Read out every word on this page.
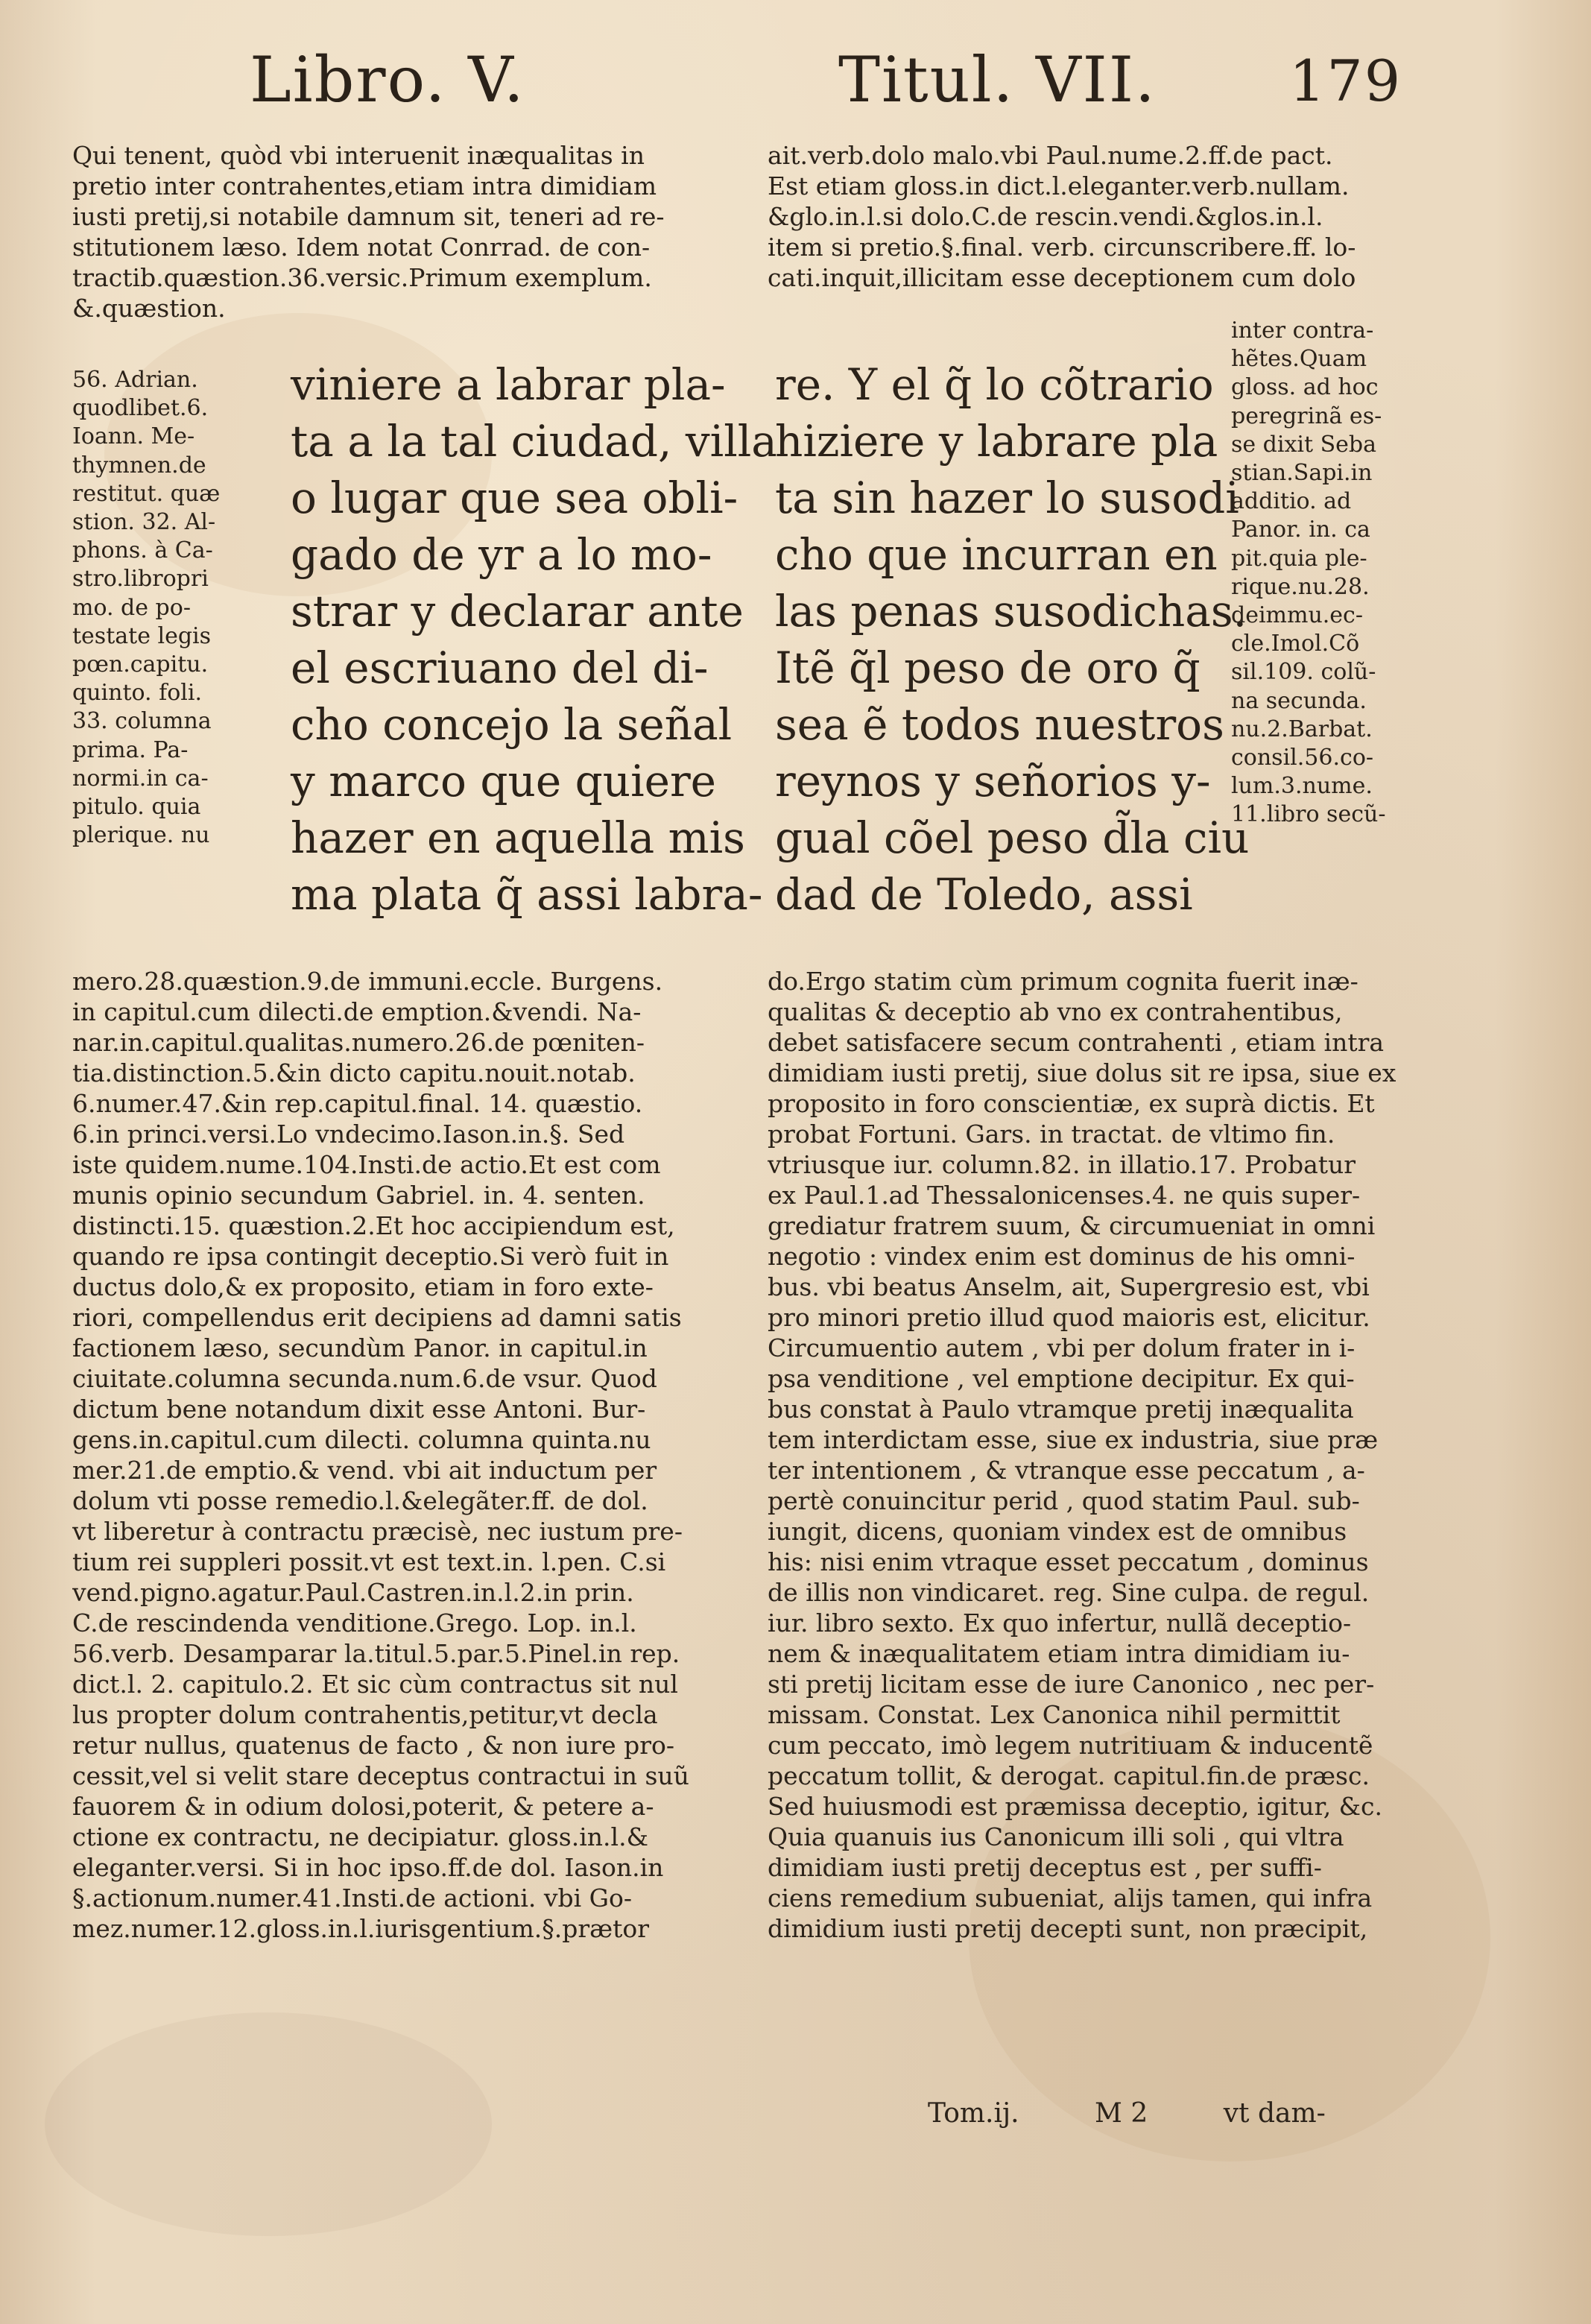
Libro. V.	Titul. VII. 179

Qui tenent, quòd vbi interuenit inæqualitas in

pretio inter contrahentes,etiam intra dimidiam

iusti pretij,si notabile damnum sit, teneri ad re-

stitutionem læso. Idem notat Conrrad. de con-

tractib.quæstion.36.versic.Primum exemplum.

&.quæstion.

ait.verb.dolo malo.vbi Paul.nume.2.ff.de pact.

Est etiam gloss.in dict.l.eleganter.verb.nullam.

&glo.in.l.si dolo.C.de rescin.vendi.&glos.in.l.

item si pretio.§.final. verb. circunscribere.ff. lo-

cati.inquit,illicitam esse deceptionem cum dolo

56. Adrian.

quodlibet.6.

Ioann. Me-

thymnen.de

restitut. quæ

stion. 32. Al-

phons. à Ca-

stro.libropri

mo. de po-

testate legis

pœn.capitu.

quinto. foli.

33. columna

prima. Pa-

normi.in ca-

pitulo. quia

plerique. nu

inter contra-

hẽtes.Quam

gloss. ad hoc

peregrinã es-

se dixit Seba

stian.Sapi.in

additio. ad

Panor. in. ca

pit.quia ple-

rique.nu.28.

deimmu.ec-

cle.Imol.Cõ

sil.109. colũ-

na secunda.

nu.2.Barbat.

consil.56.co-

lum.3.nume.

11.libro secũ-

viniere a labrar pla-

ta a la tal ciudad, villa

o lugar que sea obli-

gado de yr a lo mo-

strar y declarar ante

el escriuano del di-

cho concejo la señal

y marco que quiere

hazer en aquella mis

ma plata q̃ assi labra-

re. Y el q̃ lo cõtrario

hiziere y labrare pla

ta sin hazer lo susodi

cho que incurran en

las penas susodichas.

Itẽ q̃l peso de oro q̃

sea ẽ todos nuestros

reynos y señorios y-

gual cõel peso d̃la ciu

dad de Toledo, assi

mero.28.quæstion.9.de immuni.eccle. Burgens.

in capitul.cum dilecti.de emption.&vendi. Na-

nar.in.capitul.qualitas.numero.26.de pœniten-

tia.distinction.5.&in dicto capitu.nouit.notab.

6.numer.47.&in rep.capitul.final. 14. quæstio.

6.in princi.versi.Lo vndecimo.Iason.in.§. Sed

iste quidem.nume.104.Insti.de actio.Et est com

munis opinio secundum Gabriel. in. 4. senten.

distincti.15. quæstion.2.Et hoc accipiendum est,

quando re ipsa contingit deceptio.Si verò fuit in

ductus dolo,& ex proposito, etiam in foro exte-

riori, compellendus erit decipiens ad damni satis

factionem læso, secundùm Panor. in capitul.in

ciuitate.columna secunda.num.6.de vsur. Quod

dictum bene notandum dixit esse Antoni. Bur-

gens.in.capitul.cum dilecti. columna quinta.nu

mer.21.de emptio.& vend. vbi ait inductum per

dolum vti posse remedio.l.&elegãter.ff. de dol.

vt liberetur à contractu præcisè, nec iustum pre-

tium rei suppleri possit.vt est text.in. l.pen. C.si

vend.pigno.agatur.Paul.Castren.in.l.2.in prin.

C.de rescindenda venditione.Grego. Lop. in.l.

56.verb. Desamparar la.titul.5.par.5.Pinel.in rep.

dict.l. 2. capitulo.2. Et sic cùm contractus sit nul

lus propter dolum contrahentis,petitur,vt decla

retur nullus, quatenus de facto , & non iure pro-

cessit,vel si velit stare deceptus contractui in suũ

fauorem & in odium dolosi,poterit, & petere a-

ctione ex contractu, ne decipiatur. gloss.in.l.&

eleganter.versi. Si in hoc ipso.ff.de dol. Iason.in

§.actionum.numer.41.Insti.de actioni. vbi Go-

mez.numer.12.gloss.in.l.iurisgentium.§.prætor

do.Ergo statim cùm primum cognita fuerit inæ-

qualitas & deceptio ab vno ex contrahentibus,

debet satisfacere secum contrahenti , etiam intra

dimidiam iusti pretij, siue dolus sit re ipsa, siue ex

proposito in foro conscientiæ, ex suprà dictis. Et

probat Fortuni. Gars. in tractat. de vltimo fin.

vtriusque iur. column.82. in illatio.17. Probatur

ex Paul.1.ad Thessalonicenses.4. ne quis super-

grediatur fratrem suum, & circumueniat in omni

negotio : vindex enim est dominus de his omni-

bus. vbi beatus Anselm, ait, Supergresio est, vbi

pro minori pretio illud quod maioris est, elicitur.

Circumuentio autem , vbi per dolum frater in i-

psa venditione , vel emptione decipitur. Ex qui-

bus constat à Paulo vtramque pretij inæqualita

tem interdictam esse, siue ex industria, siue præ

ter intentionem , & vtranque esse peccatum , a-

pertè conuincitur perid , quod statim Paul. sub-

iungit, dicens, quoniam vindex est de omnibus

his: nisi enim vtraque esset peccatum , dominus

de illis non vindicaret. reg. Sine culpa. de regul.

iur. libro sexto. Ex quo infertur, nullã deceptio-

nem & inæqualitatem etiam intra dimidiam iu-

sti pretij licitam esse de iure Canonico , nec per-

missam. Constat. Lex Canonica nihil permittit

cum peccato, imò legem nutritiuam & inducentẽ

peccatum tollit, & derogat. capitul.fin.de præsc.

Sed huiusmodi est præmissa deceptio, igitur, &c.

Quia quanuis ius Canonicum illi soli , qui vltra

dimidiam iusti pretij deceptus est , per suffi-

ciens remedium subueniat, alijs tamen, qui infra

dimidium iusti pretij decepti sunt, non præcipit,

Tom.ij.	M 2	vt dam-
